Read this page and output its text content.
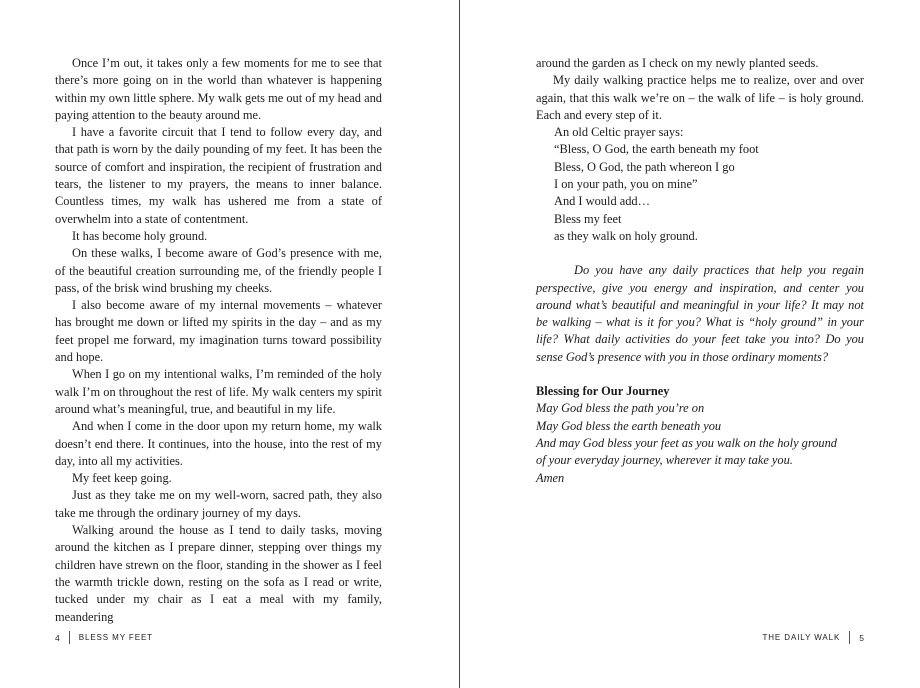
Once I’m out, it takes only a few moments for me to see that there’s more going on in the world than whatever is happening within my own little sphere. My walk gets me out of my head and paying attention to the beauty around me.

I have a favorite circuit that I tend to follow every day, and that path is worn by the daily pounding of my feet. It has been the source of comfort and inspiration, the recipient of frustration and tears, the listener to my prayers, the means to inner balance. Countless times, my walk has ushered me from a state of overwhelm into a state of contentment.

It has become holy ground.

On these walks, I become aware of God’s presence with me, of the beautiful creation surrounding me, of the friendly people I pass, of the brisk wind brushing my cheeks.

I also become aware of my internal movements – whatever has brought me down or lifted my spirits in the day – and as my feet propel me forward, my imagination turns toward possibility and hope.

When I go on my intentional walks, I’m reminded of the holy walk I’m on throughout the rest of life. My walk centers my spirit around what’s meaningful, true, and beautiful in my life.

And when I come in the door upon my return home, my walk doesn’t end there. It continues, into the house, into the rest of my day, into all my activities.

My feet keep going.

Just as they take me on my well-worn, sacred path, they also take me through the ordinary journey of my days.

Walking around the house as I tend to daily tasks, moving around the kitchen as I prepare dinner, stepping over things my children have strewn on the floor, standing in the shower as I feel the warmth trickle down, resting on the sofa as I read or write, tucked under my chair as I eat a meal with my family, meandering

4 BLESS MY FEET

around the garden as I check on my newly planted seeds.

My daily walking practice helps me to realize, over and over again, that this walk we’re on – the walk of life – is holy ground. Each and every step of it.

An old Celtic prayer says:

“Bless, O God, the earth beneath my foot

Bless, O God, the path whereon I go

I on your path, you on mine”

And I would add…

Bless my feet

as they walk on holy ground.

Do you have any daily practices that help you regain perspective, give you energy and inspiration, and center you around what’s beautiful and meaningful in your life? It may not be walking – what is it for you? What is “holy ground” in your life? What daily activities do your feet take you into? Do you sense God’s presence with you in those ordinary moments?

Blessing for Our Journey

May God bless the path you’re on

May God bless the earth beneath you

And may God bless your feet as you walk on the holy ground

of your everyday journey, wherever it may take you.

Amen

THE DAILY WALK 5
